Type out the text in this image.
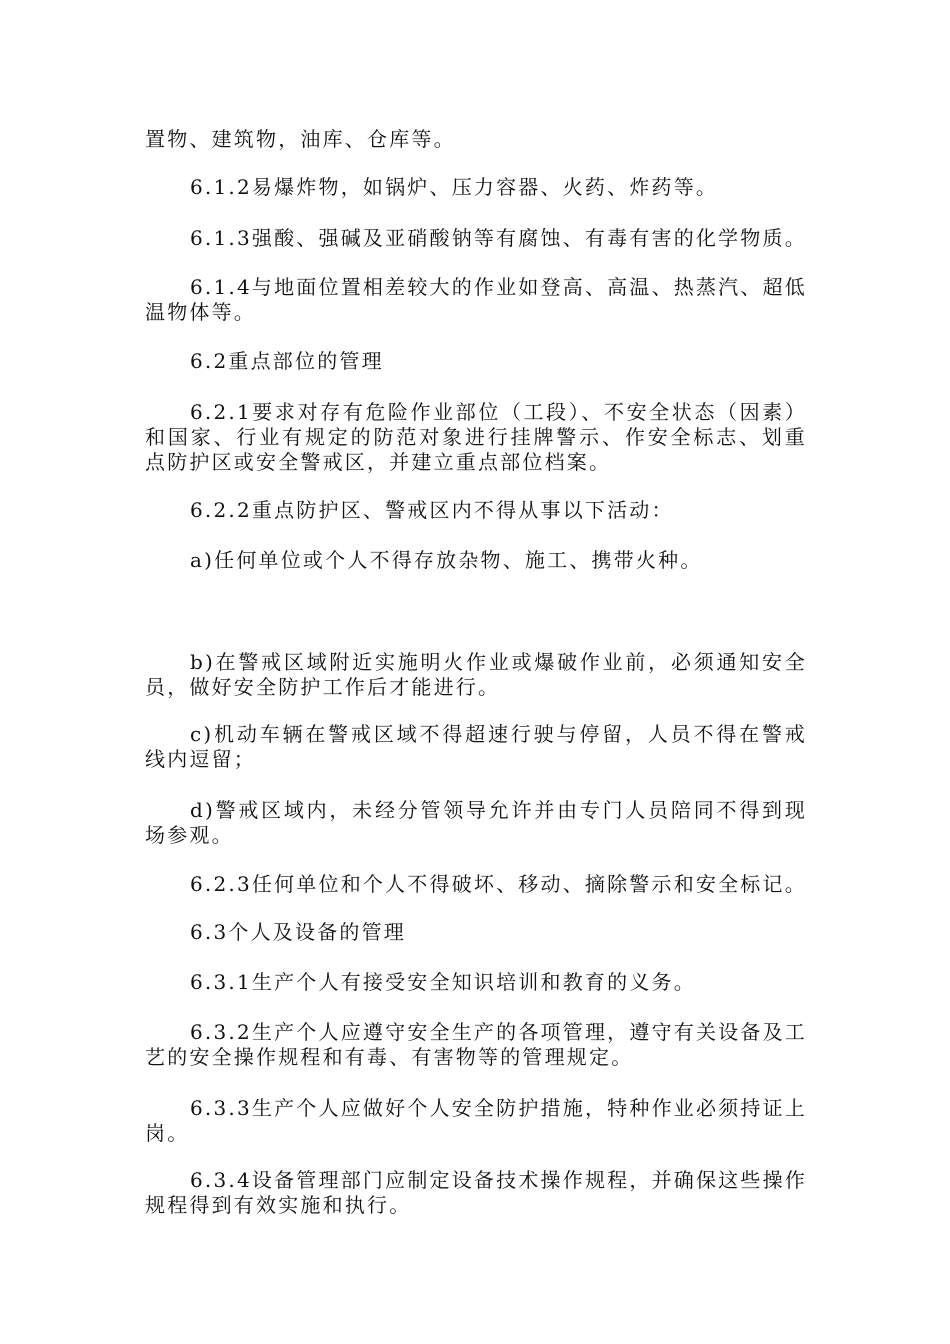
置物、建筑物，油库、仓库等。

6.1.2易爆炸物，如锅炉、压力容器、火药、炸药等。

6.1.3强酸、强碱及亚硝酸钠等有腐蚀、有毒有害的化学物质。

6.1.4与地面位置相差较大的作业如登高、高温、热蒸汽、超低温物体等。

6.2重点部位的管理

6.2.1要求对存有危险作业部位（工段）、不安全状态（因素）和国家、行业有规定的防范对象进行挂牌警示、作安全标志、划重点防护区或安全警戒区，并建立重点部位档案。

6.2.2重点防护区、警戒区内不得从事以下活动：

a)任何单位或个人不得存放杂物、施工、携带火种。

b)在警戒区域附近实施明火作业或爆破作业前，必须通知安全员，做好安全防护工作后才能进行。

c)机动车辆在警戒区域不得超速行驶与停留，人员不得在警戒线内逗留；

d)警戒区域内，未经分管领导允许并由专门人员陪同不得到现场参观。

6.2.3任何单位和个人不得破坏、移动、摘除警示和安全标记。

6.3个人及设备的管理

6.3.1生产个人有接受安全知识培训和教育的义务。

6.3.2生产个人应遵守安全生产的各项管理，遵守有关设备及工艺的安全操作规程和有毒、有害物等的管理规定。

6.3.3生产个人应做好个人安全防护措施，特种作业必须持证上岗。

6.3.4设备管理部门应制定设备技术操作规程，并确保这些操作规程得到有效实施和执行。
